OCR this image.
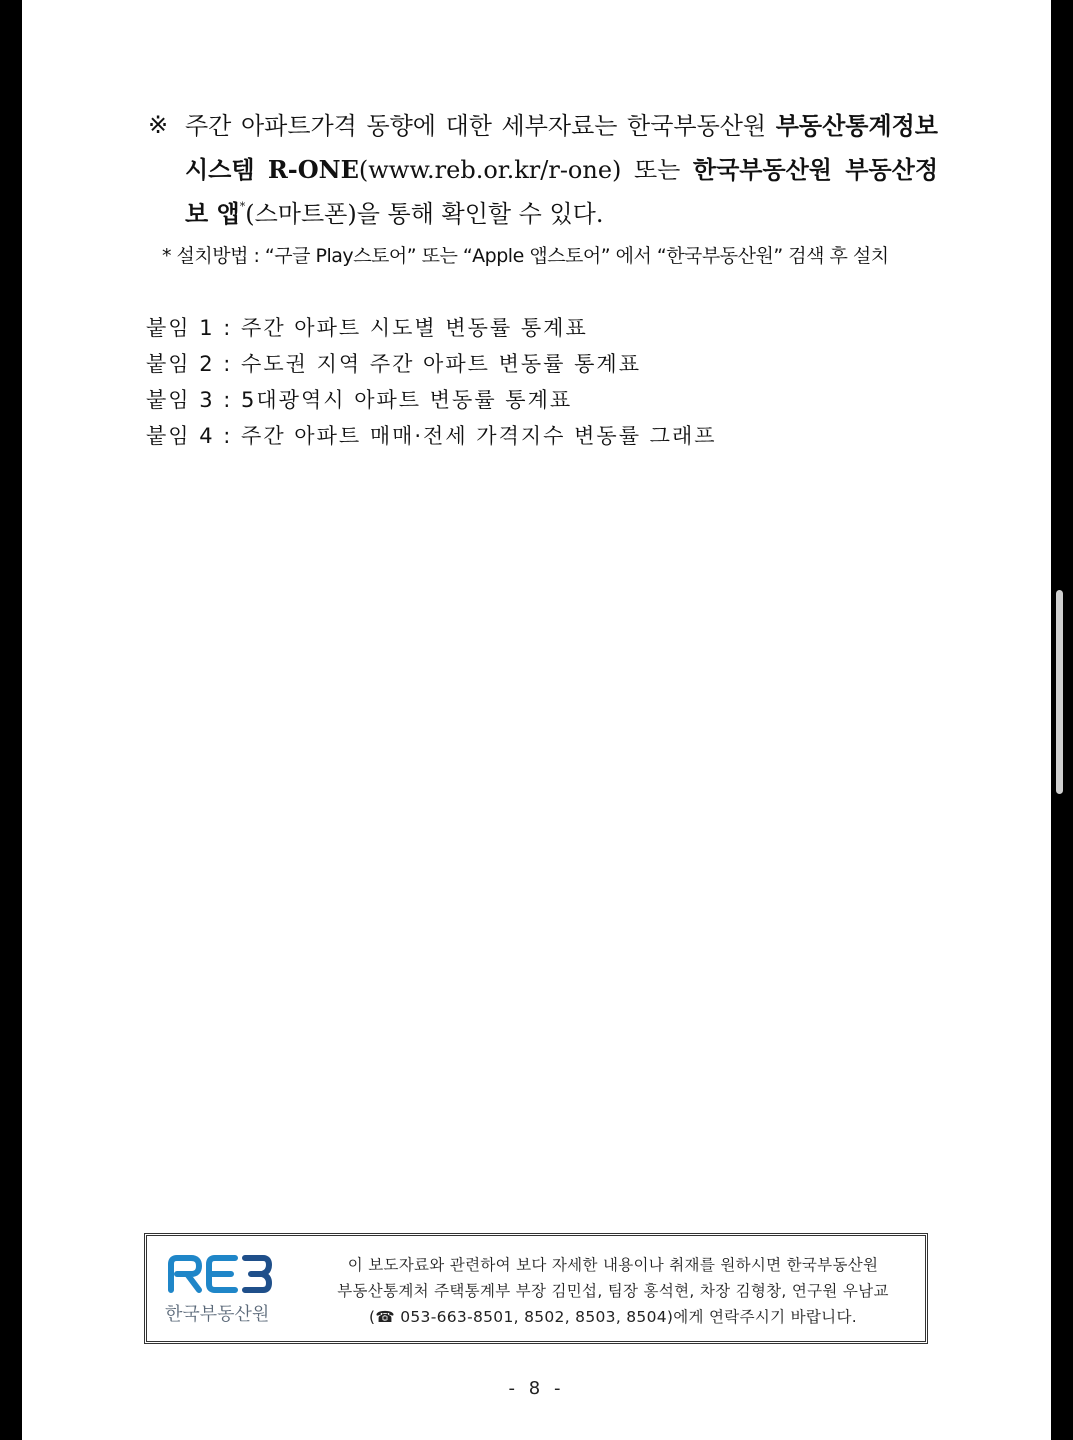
※ 주간 아파트가격 동향에 대한 세부자료는 한국부동산원 부동산통계정보 시스템 R-ONE(www.reb.or.kr/r-one) 또는 한국부동산원 부동산정보 앱*(스마트폰)을 통해 확인할 수 있다.
* 설치방법 : “구글 Play스토어” 또는 “Apple 앱스토어” 에서 “한국부동산원” 검색 후 설치
붙임 1 : 주간 아파트 시도별 변동률 통계표
붙임 2 : 수도권 지역 주간 아파트 변동률 통계표
붙임 3 : 5대광역시 아파트 변동률 통계표
붙임 4 : 주간 아파트 매매·전세 가격지수 변동률 그래프
한국부동산원
이 보도자료와 관련하여 보다 자세한 내용이나 취재를 원하시면 한국부동산원
부동산통계처 주택통계부 부장 김민섭, 팀장 홍석현, 차장 김형창, 연구원 우남교
(☎ 053-663-8501, 8502, 8503, 8504)에게 연락주시기 바랍니다.
- 8 -
